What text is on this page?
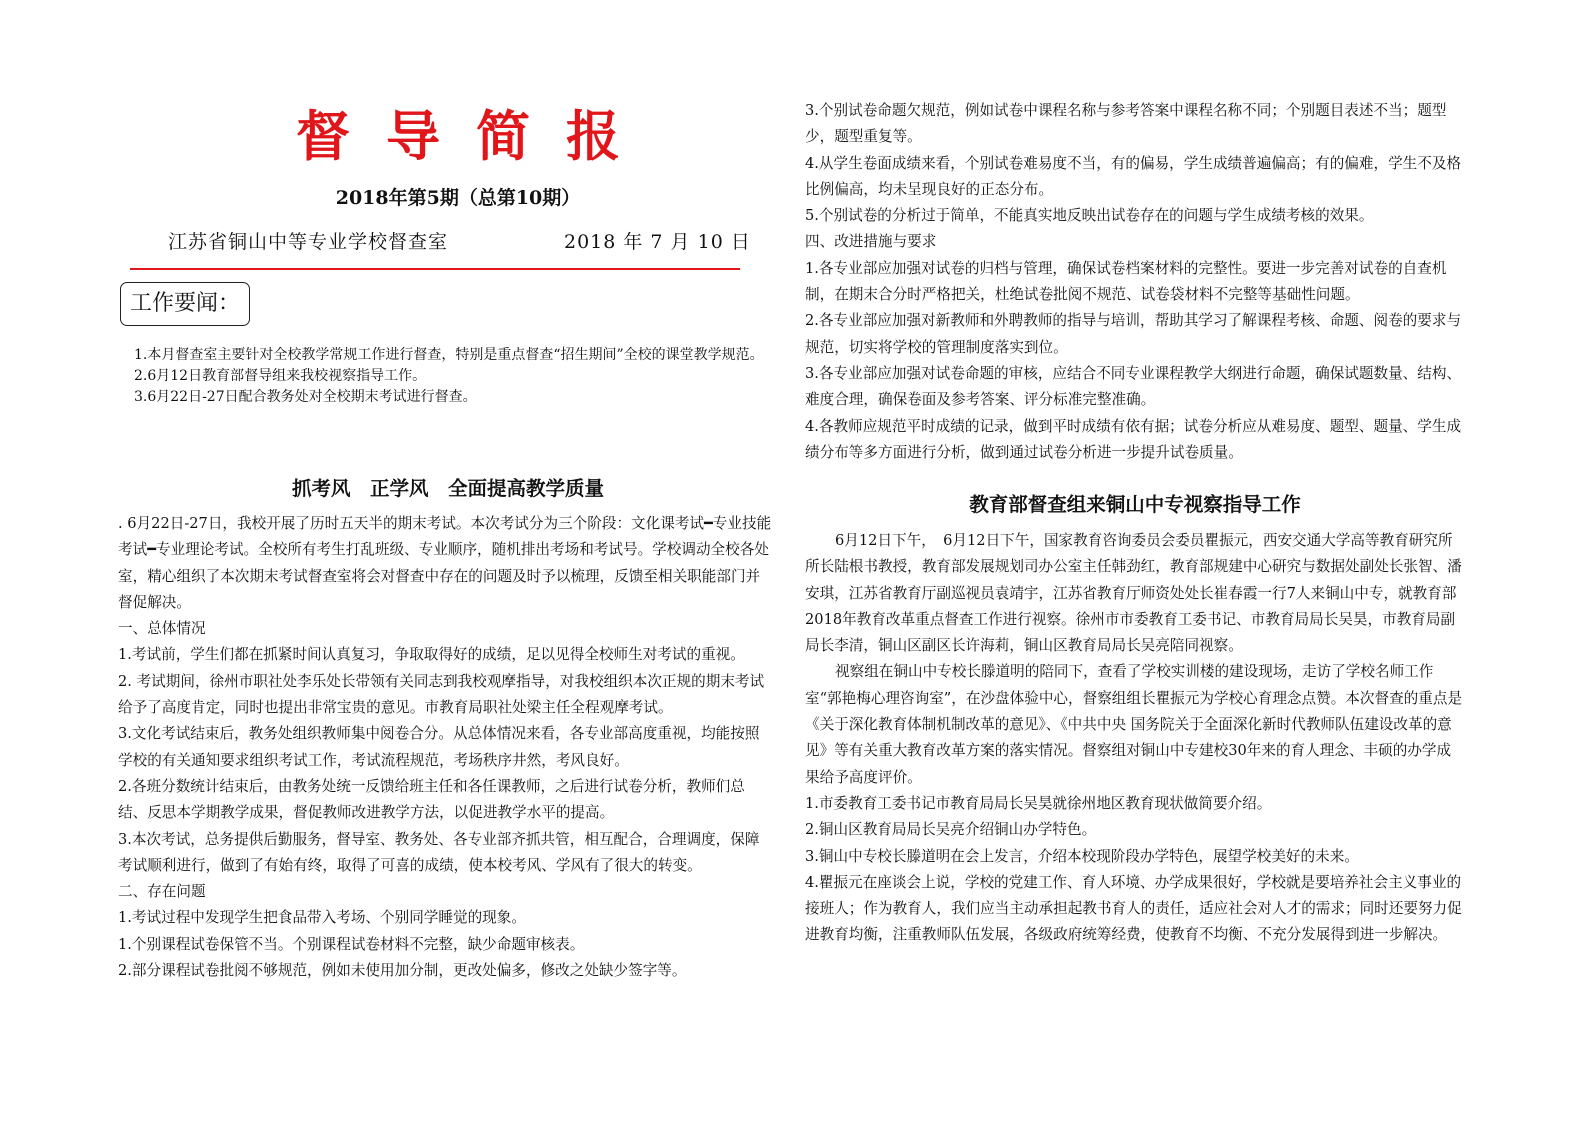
督导简报
2018年第5期（总第10期）
江苏省铜山中等专业学校督查室	2018 年 7 月 10 日
工作要闻：

1.本月督查室主要针对全校教学常规工作进行督查，特别是重点督查“招生期间”全校的课堂教学规范。

2.6月12日教育部督导组来我校视察指导工作。

3.6月22日-27日配合教务处对全校期末考试进行督查。

抓考风　正学风　全面提高教学质量

. 6月22日-27日，我校开展了历时五天半的期末考试。本次考试分为三个阶段：文化课考试━专业技能考试━专业理论考试。全校所有考生打乱班级、专业顺序，随机排出考场和考试号。学校调动全校各处室，精心组织了本次期末考试督查室将会对督查中存在的问题及时予以梳理，反馈至相关职能部门并督促解决。

一、总体情况

1.考试前，学生们都在抓紧时间认真复习，争取取得好的成绩，足以见得全校师生对考试的重视。

2. 考试期间，徐州市职社处李乐处长带领有关同志到我校观摩指导，对我校组织本次正规的期末考试给予了高度肯定，同时也提出非常宝贵的意见。市教育局职社处梁主任全程观摩考试。

3.文化考试结束后，教务处组织教师集中阅卷合分。从总体情况来看，各专业部高度重视，均能按照学校的有关通知要求组织考试工作，考试流程规范，考场秩序井然，考风良好。

2.各班分数统计结束后，由教务处统一反馈给班主任和各任课教师，之后进行试卷分析，教师们总结、反思本学期教学成果，督促教师改进教学方法，以促进教学水平的提高。

3.本次考试，总务提供后勤服务，督导室、教务处、各专业部齐抓共管，相互配合，合理调度，保障考试顺利进行，做到了有始有终，取得了可喜的成绩，使本校考风、学风有了很大的转变。

二、存在问题

1.考试过程中发现学生把食品带入考场、个别同学睡觉的现象。

1.个别课程试卷保管不当。个别课程试卷材料不完整，缺少命题审核表。

2.部分课程试卷批阅不够规范，例如未使用加分制，更改处偏多，修改之处缺少签字等。

3.个别试卷命题欠规范，例如试卷中课程名称与参考答案中课程名称不同；个别题目表述不当；题型少，题型重复等。

4.从学生卷面成绩来看，个别试卷难易度不当，有的偏易，学生成绩普遍偏高；有的偏难，学生不及格比例偏高，均未呈现良好的正态分布。

5.个别试卷的分析过于简单，不能真实地反映出试卷存在的问题与学生成绩考核的效果。

四、改进措施与要求

1.各专业部应加强对试卷的归档与管理，确保试卷档案材料的完整性。要进一步完善对试卷的自查机制，在期末合分时严格把关，杜绝试卷批阅不规范、试卷袋材料不完整等基础性问题。

2.各专业部应加强对新教师和外聘教师的指导与培训，帮助其学习了解课程考核、命题、阅卷的要求与规范，切实将学校的管理制度落实到位。

3.各专业部应加强对试卷命题的审核，应结合不同专业课程教学大纲进行命题，确保试题数量、结构、难度合理，确保卷面及参考答案、评分标准完整准确。

4.各教师应规范平时成绩的记录，做到平时成绩有依有据；试卷分析应从难易度、题型、题量、学生成绩分布等多方面进行分析，做到通过试卷分析进一步提升试卷质量。

教育部督查组来铜山中专视察指导工作

6月12日下午，　6月12日下午，国家教育咨询委员会委员瞿振元，西安交通大学高等教育研究所所长陆根书教授，教育部发展规划司办公室主任韩劲红，教育部规建中心研究与数据处副处长张智、潘安琪，江苏省教育厅副巡视员袁靖宇，江苏省教育厅师资处处长崔春霞一行7人来铜山中专，就教育部2018年教育改革重点督查工作进行视察。徐州市市委教育工委书记、市教育局局长吴昊，市教育局副局长李清，铜山区副区长许海莉，铜山区教育局局长吴亮陪同视察。

视察组在铜山中专校长滕道明的陪同下，查看了学校实训楼的建设现场，走访了学校名师工作室“郭艳梅心理咨询室”，在沙盘体验中心，督察组组长瞿振元为学校心育理念点赞。本次督查的重点是《关于深化教育体制机制改革的意见》、《中共中央 国务院关于全面深化新时代教师队伍建设改革的意见》等有关重大教育改革方案的落实情况。督察组对铜山中专建校30年来的育人理念、丰硕的办学成果给予高度评价。

1.市委教育工委书记市教育局局长吴昊就徐州地区教育现状做简要介绍。

2.铜山区教育局局长吴亮介绍铜山办学特色。

3.铜山中专校长滕道明在会上发言，介绍本校现阶段办学特色，展望学校美好的未来。

4.瞿振元在座谈会上说，学校的党建工作、育人环境、办学成果很好，学校就是要培养社会主义事业的接班人；作为教育人，我们应当主动承担起教书育人的责任，适应社会对人才的需求；同时还要努力促进教育均衡，注重教师队伍发展，各级政府统筹经费，使教育不均衡、不充分发展得到进一步解决。
